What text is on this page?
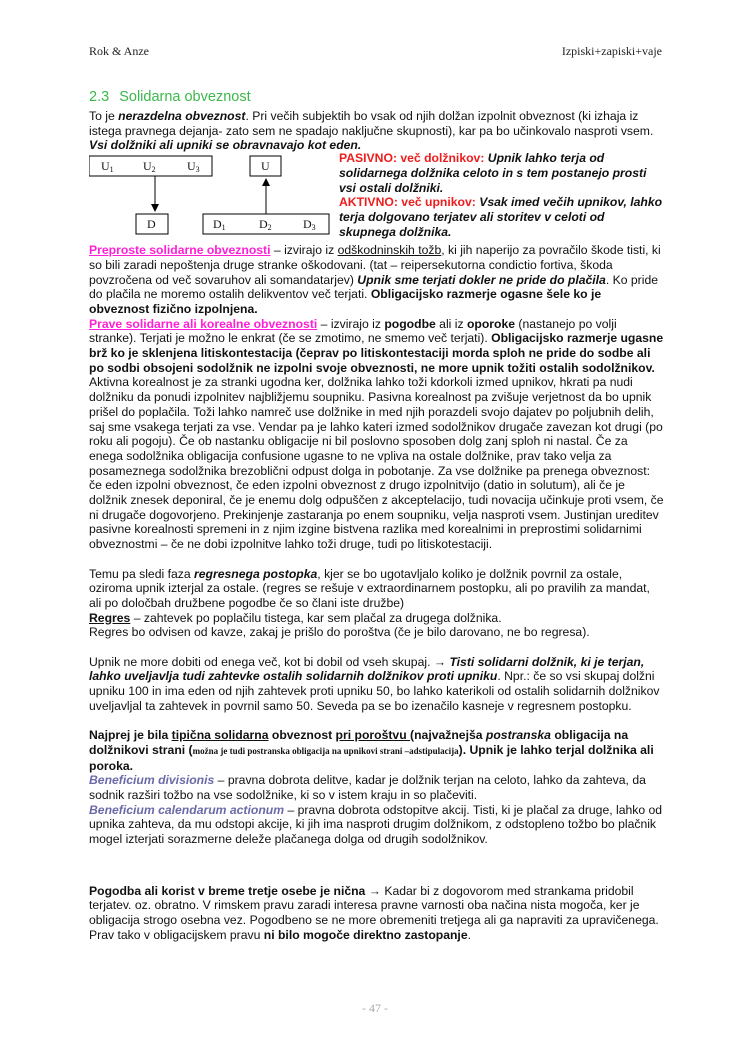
Rok & Anze	Izpiski+zapiski+vaje
2.3 Solidarna obveznost

To je nerazdelna obveznost. Pri večih subjektih bo vsak od njih dolžan izpolnit obveznost (ki izhaja iz istega pravnega dejanja- zato sem ne spadajo naključne skupnosti), kar pa bo učinkovalo nasproti vsem. Vsi dolžniki ali upniki se obravnavajo kot eden.

U1 U2	U3
D
U
D1	D2	D3

PASIVNO: več dolžnikov: Upnik lahko terja od solidarnega dolžnika celoto in s tem postanejo prosti vsi ostali dolžniki.

AKTIVNO: več upnikov: Vsak imed večih upnikov, lahko terja dolgovano terjatev ali storitev v celoti od skupnega dolžnika.

Preproste solidarne obveznosti – izvirajo iz odškodninskih tožb, ki jih naperijo za povračilo škode tisti, ki so bili zaradi nepoštenja druge stranke oškodovani. (tat – reipersekutorna condictio fortiva, škoda povzročena od več sovaruhov ali somandatarjev) Upnik sme terjati dokler ne pride do plačila. Ko pride do plačila ne moremo ostalih delikventov več terjati. Obligacijsko razmerje ogasne šele ko je obveznost fizično izpolnjena.

Prave solidarne ali korealne obveznosti – izvirajo iz pogodbe ali iz oporoke (nastanejo po volji stranke). Terjati je možno le enkrat (če se zmotimo, ne smemo več terjati). Obligacijsko razmerje ugasne brž ko je sklenjena litiskontestacija (čeprav po litiskontestaciji morda sploh ne pride do sodbe ali po sodbi obsojeni sodolžnik ne izpolni svoje obveznosti, ne more upnik tožiti ostalih sodolžnikov. Aktivna korealnost je za stranki ugodna ker, dolžnika lahko toži kdorkoli izmed upnikov, hkrati pa nudi dolžniku da ponudi izpolnitev najbližjemu soupniku. Pasivna korealnost pa zvišuje verjetnost da bo upnik prišel do poplačila. Toži lahko namreč use dolžnike in med njih porazdeli svojo dajatev po poljubnih delih, saj sme vsakega terjati za vse. Vendar pa je lahko kateri izmed sodolžnikov drugače zavezan kot drugi (po roku ali pogoju). Če ob nastanku obligacije ni bil poslovno sposoben dolg zanj sploh ni nastal. Če za enega sodolžnika obligacija confusione ugasne to ne vpliva na ostale dolžnike, prav tako velja za posameznega sodolžnika brezoblični odpust dolga in pobotanje. Za vse dolžnike pa prenega obveznost: če eden izpolni obveznost, če eden izpolni obveznost z drugo izpolnitvijo (datio in solutum), ali če je dolžnik znesek deponiral, če je enemu dolg odpuščen z akceptelacijo, tudi novacija učinkuje proti vsem, če ni drugače dogovorjeno. Prekinjenje zastaranja po enem soupniku, velja nasproti vsem. Justinjan ureditev pasivne korealnosti spremeni in z njim izgine bistvena razlika med korealnimi in preprostimi solidarnimi obveznostmi – če ne dobi izpolnitve lahko toži druge, tudi po litiskotestaciji.

Temu pa sledi faza regresnega postopka, kjer se bo ugotavljalo koliko je dolžnik povrnil za ostale, oziroma upnik izterjal za ostale. (regres se rešuje v extraordinarnem postopku, ali po pravilih za mandat, ali po določbah družbene pogodbe če so člani iste družbe)

Regres – zahtevek po poplačilu tistega, kar sem plačal za drugega dolžnika.

Regres bo odvisen od kavze, zakaj je prišlo do poroštva (če je bilo darovano, ne bo regresa).

Upnik ne more dobiti od enega več, kot bi dobil od vseh skupaj. → Tisti solidarni dolžnik, ki je terjan, lahko uveljavlja tudi zahtevke ostalih solidarnih dolžnikov proti upniku. Npr.: če so vsi skupaj dolžni upniku 100 in ima eden od njih zahtevek proti upniku 50, bo lahko katerikoli od ostalih solidarnih dolžnikov uveljavljal ta zahtevek in povrnil samo 50. Seveda pa se bo izenačilo kasneje v regresnem postopku.

Najprej je bila tipična solidarna obveznost pri poroštvu (najvažnejša postranska obligacija na dolžnikovi strani (možna je tudi postranska obligacija na upnikovi strani –adstipulacija). Upnik je lahko terjal dolžnika ali poroka.

Beneficium divisionis – pravna dobrota delitve, kadar je dolžnik terjan na celoto, lahko da zahteva, da sodnik razširi tožbo na vse sodolžnike, ki so v istem kraju in so plačeviti.

Beneficium calendarum actionum – pravna dobrota odstopitve akcij. Tisti, ki je plačal za druge, lahko od upnika zahteva, da mu odstopi akcije, ki jih ima nasproti drugim dolžnikom, z odstopleno tožbo bo plačnik mogel izterjati sorazmerne deleže plačanega dolga od drugih sodolžnikov.

Pogodba ali korist v breme tretje osebe je nična → Kadar bi z dogovorom med strankama pridobil terjatev. oz. obratno. V rimskem pravu zaradi interesa pravne varnosti oba načina nista mogoča, ker je obligacija strogo osebna vez. Pogodbeno se ne more obremeniti tretjega ali ga napraviti za upravičenega. Prav tako v obligacijskem pravu ni bilo mogoče direktno zastopanje.

- 47 -
